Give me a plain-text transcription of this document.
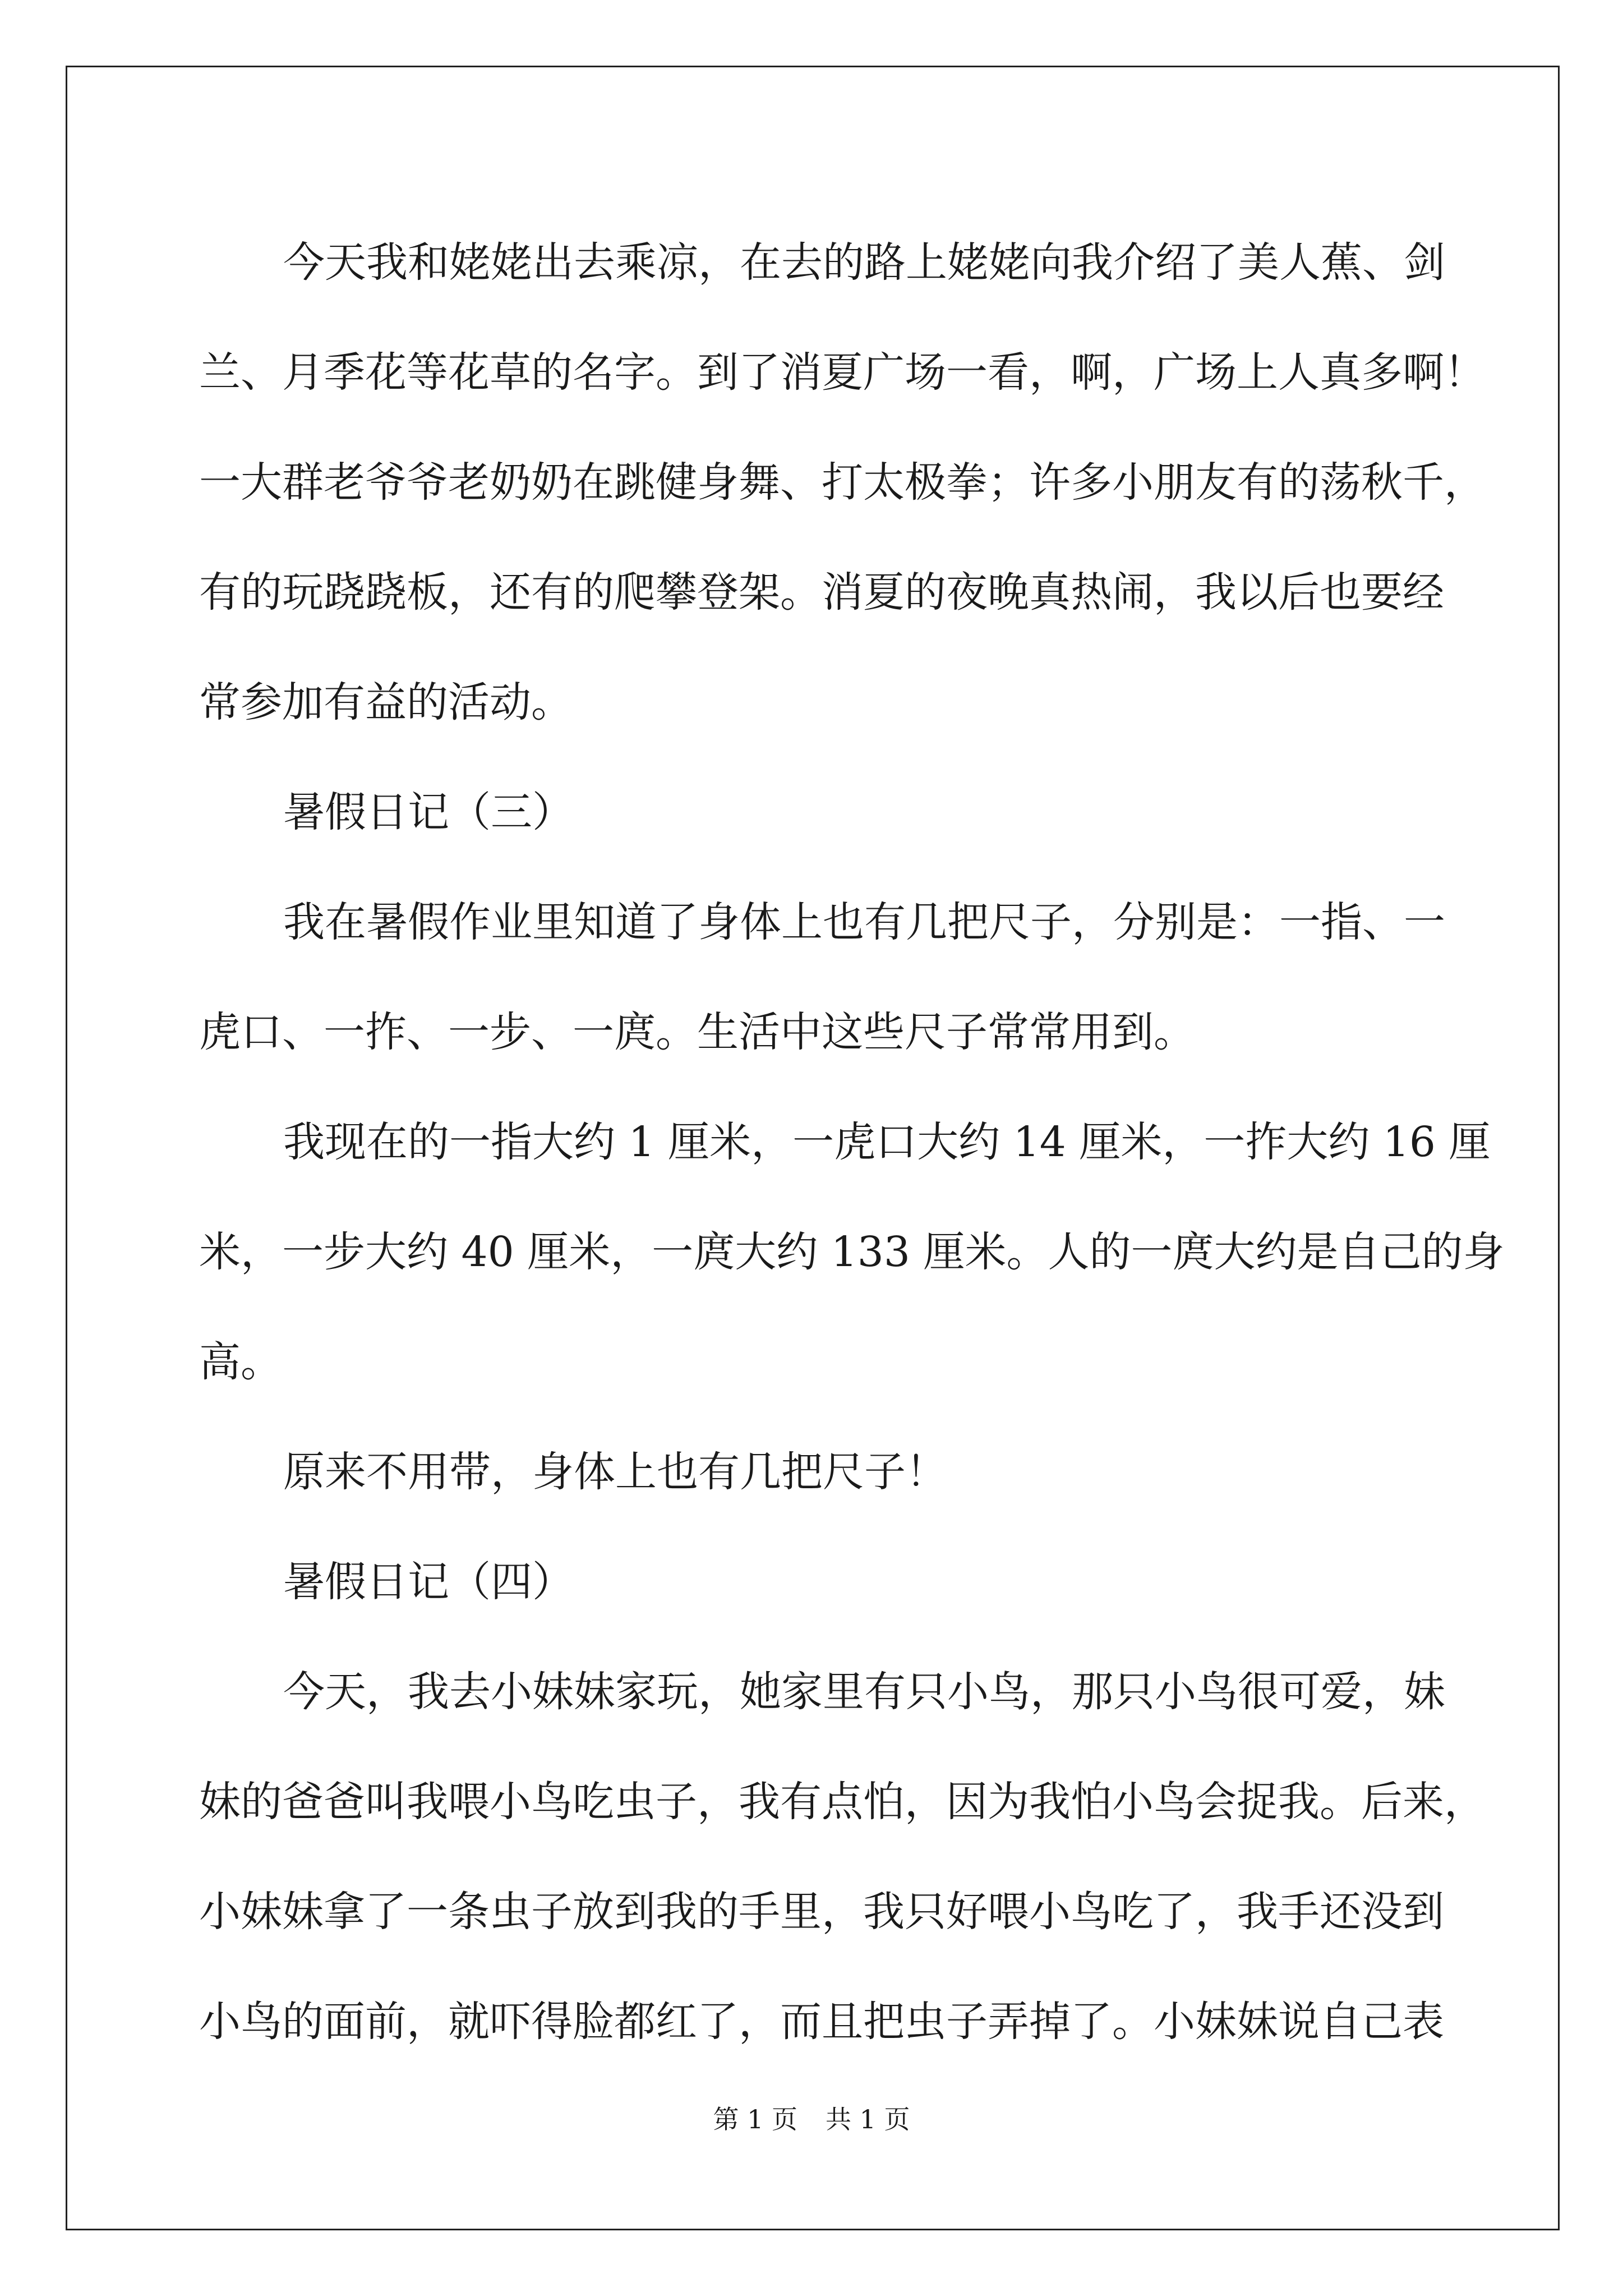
今天我和姥姥出去乘凉，在去的路上姥姥向我介绍了美人蕉、剑
兰、月季花等花草的名字。到了消夏广场一看，啊，广场上人真多啊！
一大群老爷爷老奶奶在跳健身舞、打太极拳；许多小朋友有的荡秋千，
有的玩跷跷板，还有的爬攀登架。消夏的夜晚真热闹，我以后也要经
常参加有益的活动。
暑假日记（三）
我在暑假作业里知道了身体上也有几把尺子，分别是：一指、一
虎口、一拃、一步、一庹。生活中这些尺子常常用到。
我现在的一指大约 1 厘米，一虎口大约 14 厘米，一拃大约 16 厘
米，一步大约 40 厘米，一庹大约 133 厘米。人的一庹大约是自己的身
高。
原来不用带，身体上也有几把尺子！
暑假日记（四）
今天，我去小妹妹家玩，她家里有只小鸟，那只小鸟很可爱，妹
妹的爸爸叫我喂小鸟吃虫子，我有点怕，因为我怕小鸟会捉我。后来，
小妹妹拿了一条虫子放到我的手里，我只好喂小鸟吃了，我手还没到
小鸟的面前，就吓得脸都红了，而且把虫子弄掉了。小妹妹说自己表
第 1 页 共 1 页
